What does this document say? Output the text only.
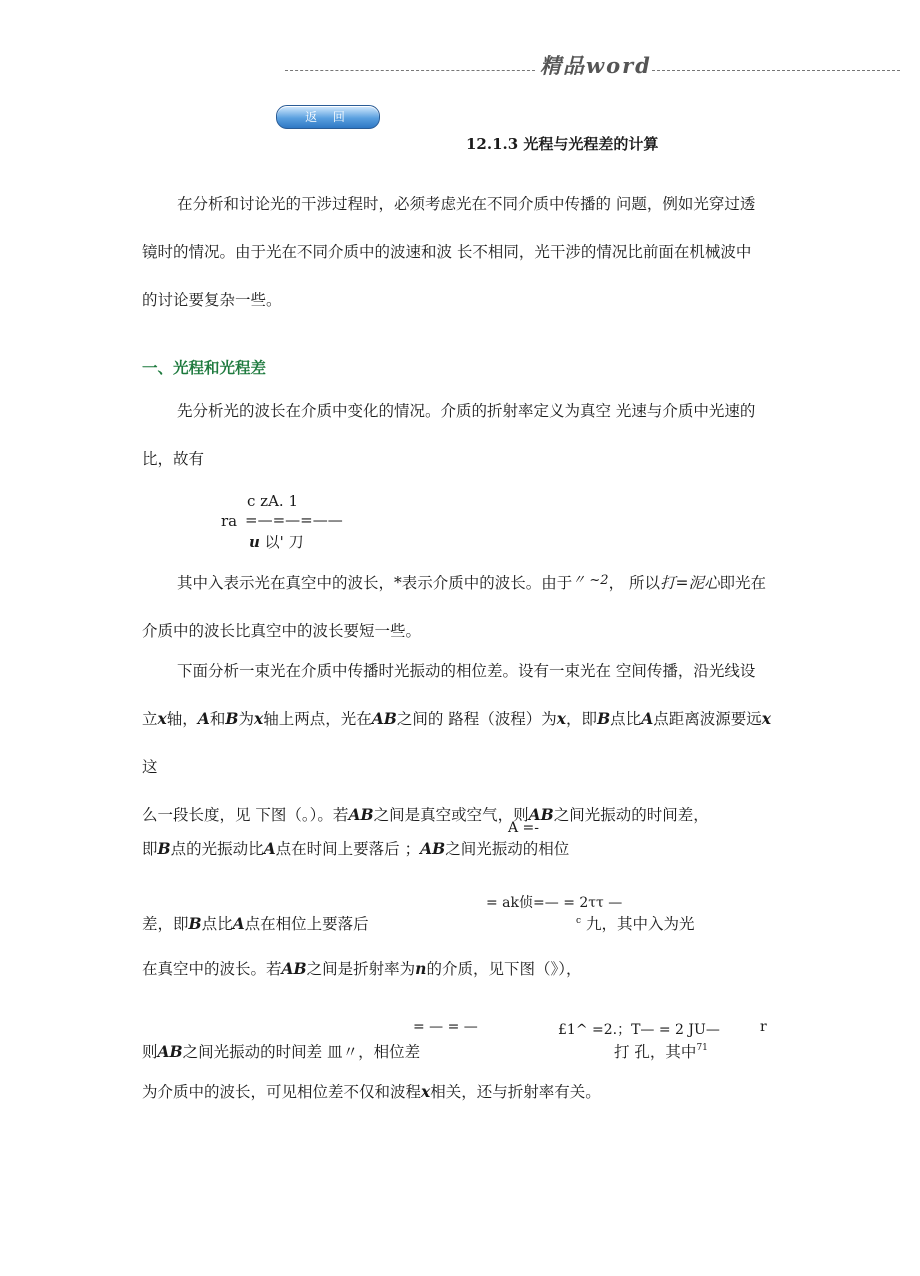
精品word
返 回
12.1.3 光程与光程差的计算
在分析和讨论光的干涉过程时，必须考虑光在不同介质中传播的 问题，例如光穿过透
镜时的情况。由于光在不同介质中的波速和波 长不相同，光干涉的情况比前面在机械波中
的讨论要复杂一些。
一、光程和光程差
先分析光的波长在介质中变化的情况。介质的折射率定义为真空 光速与介质中光速的
比，故有
c zA. 1
ra =—=—=——
u 以' 刀
其中入表示光在真空中的波长，*表示介质中的波长。由于$^{〃 \sim 2}$， 所以打=泥心即光在
介质中的波长比真空中的波长要短一些。
下面分析一束光在介质中传播时光振动的相位差。设有一束光在 空间传播，沿光线设
立x轴，A和B为x轴上两点，光在AB之间的 路程（波程）为x，即B点比A点距离波源要远x这
么一段长度，见 下图（。）。若AB之间是真空或空气，则AB之间光振动的时间差，
A =-
即B点的光振动比A点在时间上要落后 ；AB之间光振动的相位
= ak侦=— = 2ττ —
差，即B点比A点在相位上要落后	$^c$ 九，其中入为光
在真空中的波长。若AB之间是折射率为n的介质，见下图（》），
= — = —	£1^ =2.；T— = 2 JU—	r
则AB之间光振动的时间差 皿〃，相位差	打 孔，其中$^{71}$
为介质中的波长，可见相位差不仅和波程x相关，还与折射率有关。
